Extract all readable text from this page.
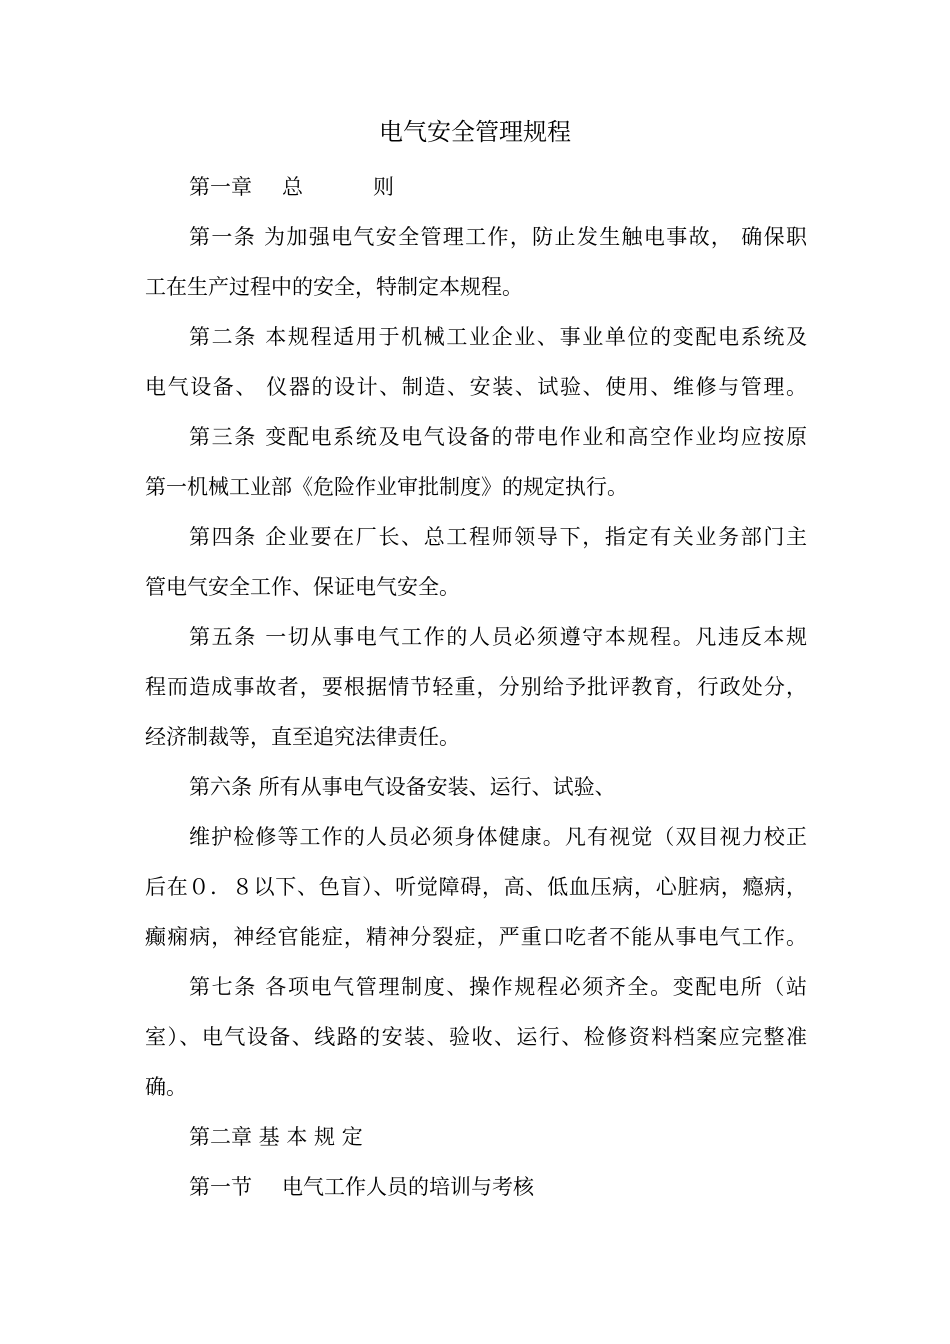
电气安全管理规程
第一章 总	则
第一条 为加强电气安全管理工作，防止发生触电事故， 确保职
工在生产过程中的安全，特制定本规程。
第二条 本规程适用于机械工业企业、事业单位的变配电系统及
电气设备、 仪器的设计、制造、安装、试验、使用、维修与管理。
第三条 变配电系统及电气设备的带电作业和高空作业均应按原
第一机械工业部《危险作业审批制度》的规定执行。
第四条 企业要在厂长、总工程师领导下，指定有关业务部门主
管电气安全工作、保证电气安全。
第五条 一切从事电气工作的人员必须遵守本规程。凡违反本规
程而造成事故者，要根据情节轻重，分别给予批评教育，行政处分，
经济制裁等，直至追究法律责任。
第六条 所有从事电气设备安装、运行、试验、
维护检修等工作的人员必须身体健康。凡有视觉（双目视力校正
后在０．８以下、色盲）、听觉障碍，高、低血压病，心脏病，瘾病，
癫痫病，神经官能症，精神分裂症，严重口吃者不能从事电气工作。
第七条 各项电气管理制度、操作规程必须齐全。变配电所（站
室）、电气设备、线路的安装、验收、运行、检修资料档案应完整准
确。
第二章 基 本 规 定
第一节 电气工作人员的培训与考核
